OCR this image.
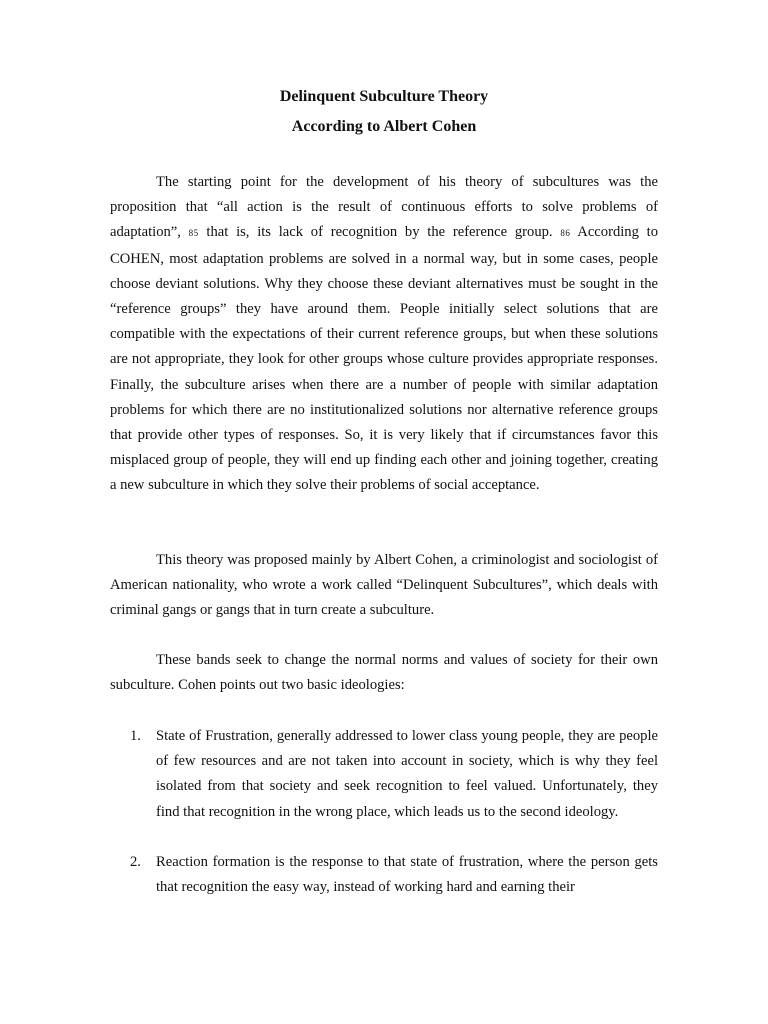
Delinquent Subculture Theory
According to Albert Cohen

The starting point for the development of his theory of subcultures was the proposition that “all action is the result of continuous efforts to solve problems of adaptation”, 85 that is, its lack of recognition by the reference group. 86 According to COHEN, most adaptation problems are solved in a normal way, but in some cases, people choose deviant solutions. Why they choose these deviant alternatives must be sought in the “reference groups” they have around them. People initially select solutions that are compatible with the expectations of their current reference groups, but when these solutions are not appropriate, they look for other groups whose culture provides appropriate responses. Finally, the subculture arises when there are a number of people with similar adaptation problems for which there are no institutionalized solutions nor alternative reference groups that provide other types of responses. So, it is very likely that if circumstances favor this misplaced group of people, they will end up finding each other and joining together, creating a new subculture in which they solve their problems of social acceptance.

This theory was proposed mainly by Albert Cohen, a criminologist and sociologist of American nationality, who wrote a work called “Delinquent Subcultures”, which deals with criminal gangs or gangs that in turn create a subculture.

These bands seek to change the normal norms and values of society for their own subculture. Cohen points out two basic ideologies:

1. State of Frustration, generally addressed to lower class young people, they are people of few resources and are not taken into account in society, which is why they feel isolated from that society and seek recognition to feel valued. Unfortunately, they find that recognition in the wrong place, which leads us to the second ideology.
2. Reaction formation is the response to that state of frustration, where the person gets that recognition the easy way, instead of working hard and earning their
